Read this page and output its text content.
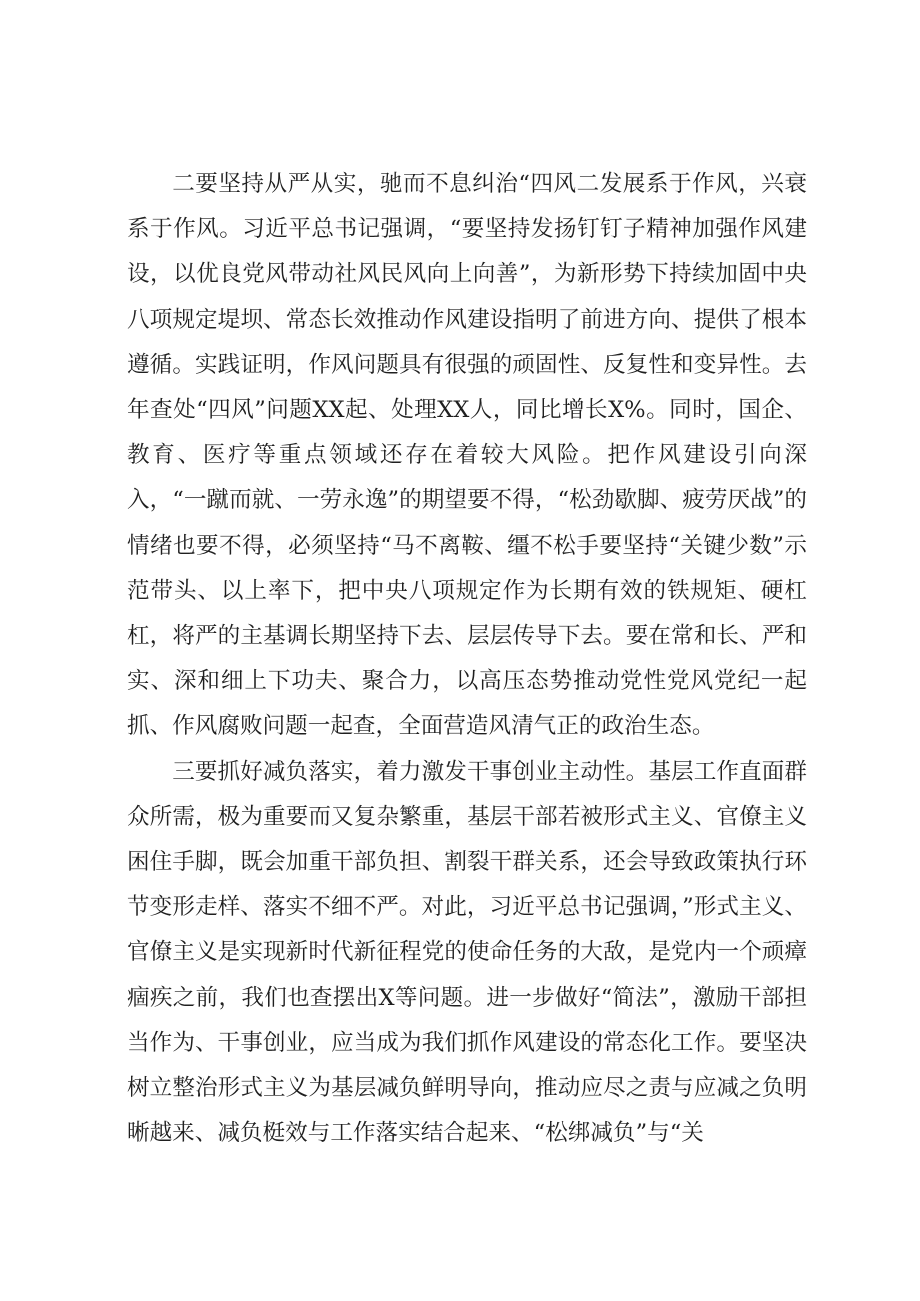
二要坚持从严从实，驰而不息纠治“四风二发展系于作风，兴衰系于作风。习近平总书记强调，“要坚持发扬钉钉子精神加强作风建设，以优良党风带动社风民风向上向善”，为新形势下持续加固中央八项规定堤坝、常态长效推动作风建设指明了前进方向、提供了根本遵循。实践证明，作风问题具有很强的顽固性、反复性和变异性。去年查处“四风”问题XX起、处理XX人，同比增长X%。同时，国企、教育、医疗等重点领域还存在着较大风险。把作风建设引向深入，“一蹴而就、一劳永逸”的期望要不得，“松劲歇脚、疲劳厌战”的情绪也要不得，必须坚持“马不离鞍、缰不松手要坚持“关键少数”示范带头、以上率下，把中央八项规定作为长期有效的铁规矩、硬杠杠，将严的主基调长期坚持下去、层层传导下去。要在常和长、严和实、深和细上下功夫、聚合力，以高压态势推动党性党风党纪一起抓、作风腐败问题一起查，全面营造风清气正的政治生态。

三要抓好减负落实，着力激发干事创业主动性。基层工作直面群众所需，极为重要而又复杂繁重，基层干部若被形式主义、官僚主义困住手脚，既会加重干部负担、割裂干群关系，还会导致政策执行环节变形走样、落实不细不严。对此，习近平总书记强调，”形式主义、官僚主义是实现新时代新征程党的使命任务的大敌，是党内一个顽瘴痼疾之前，我们也查摆出X等问题。进一步做好“简法”，激励干部担当作为、干事创业，应当成为我们抓作风建设的常态化工作。要坚决树立整治形式主义为基层减负鲜明导向，推动应尽之责与应减之负明晰越来、减负梃效与工作落实结合起来、“松绑减负”与“关
